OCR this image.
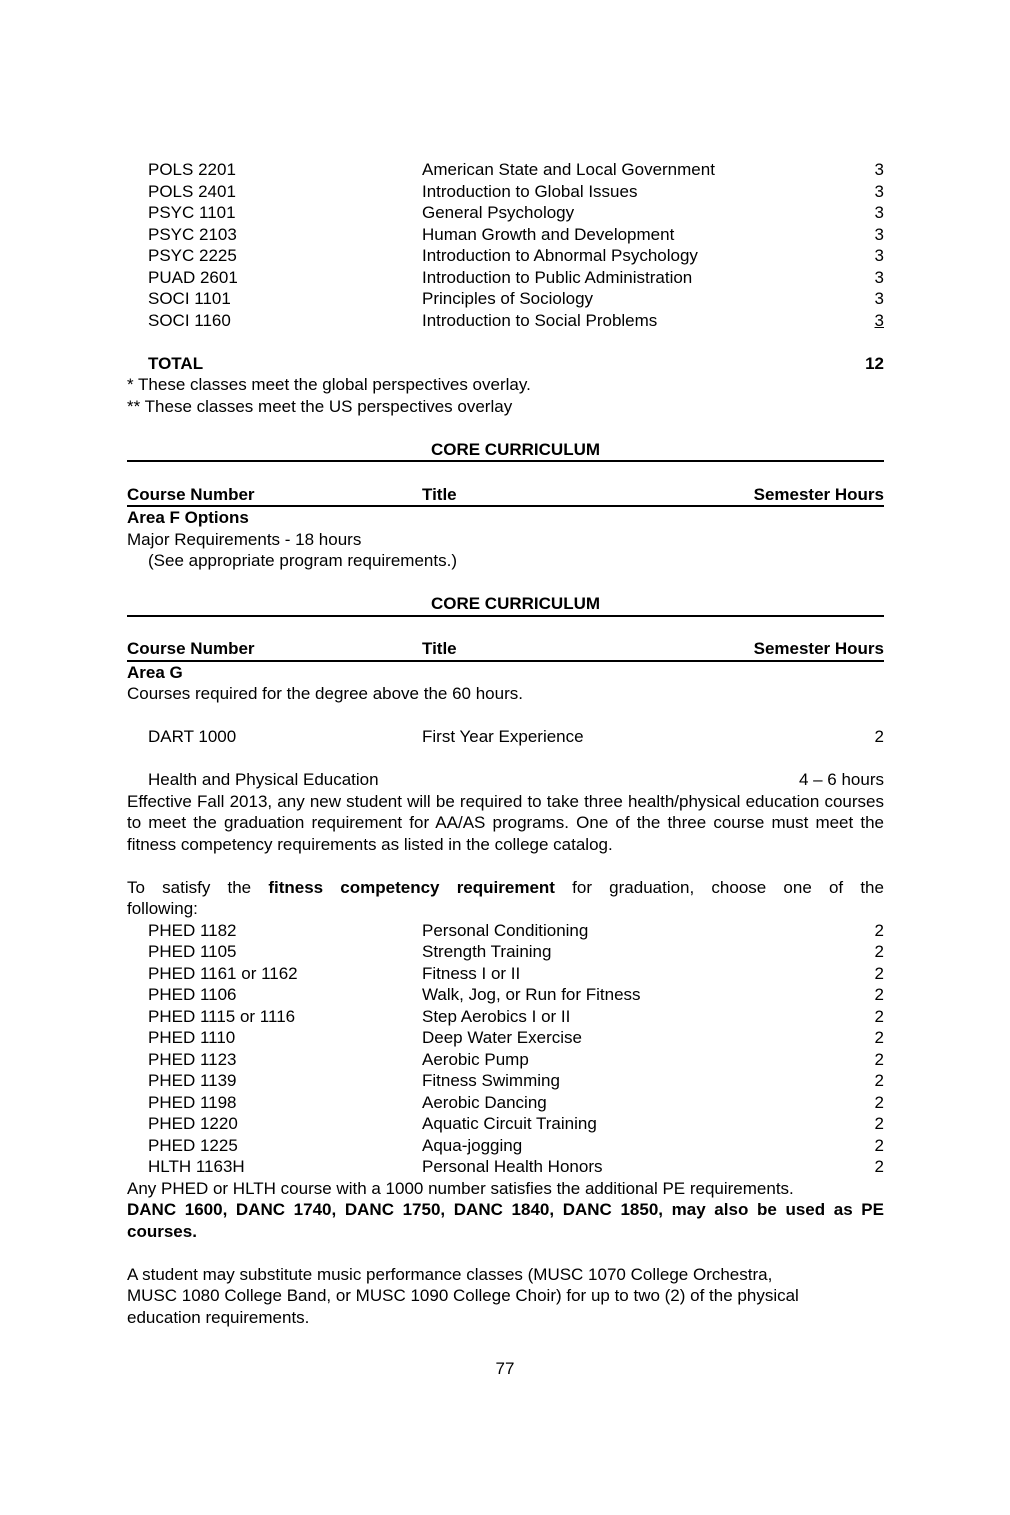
POLS 2201	American State and Local Government	3
POLS 2401	Introduction to Global Issues	3
PSYC 1101	General Psychology	3
PSYC 2103	Human Growth and Development	3
PSYC 2225	Introduction to Abnormal Psychology	3
PUAD 2601	Introduction to Public Administration	3
SOCI 1101	Principles of Sociology	3
SOCI 1160	Introduction to Social Problems	3
TOTAL	12
* These classes meet the global perspectives overlay.
** These classes meet the US perspectives overlay
CORE CURRICULUM
Course Number	Title	Semester Hours
Area F Options
Major Requirements - 18 hours
(See appropriate program requirements.)
CORE CURRICULUM
Course Number	Title	Semester Hours
Area G
Courses required for the degree above the 60 hours.
DART 1000	First Year Experience	2
Health and Physical Education	4 – 6 hours
Effective Fall 2013, any new student will be required to take three health/physical education courses to meet the graduation requirement for AA/AS programs. One of the three course must meet the fitness competency requirements as listed in the college catalog.
To satisfy the fitness competency requirement for graduation, choose one of the
following:
PHED 1182	Personal Conditioning	2
PHED 1105	Strength Training	2
PHED 1161 or 1162	Fitness I or II	2
PHED 1106	Walk, Jog, or Run for Fitness	2
PHED 1115 or 1116	Step Aerobics I or II	2
PHED 1110	Deep Water Exercise	2
PHED 1123	Aerobic Pump	2
PHED 1139	Fitness Swimming	2
PHED 1198	Aerobic Dancing	2
PHED 1220	Aquatic Circuit Training	2
PHED 1225	Aqua-jogging	2
HLTH 1163H	Personal Health Honors	2
Any PHED or HLTH course with a 1000 number satisfies the additional PE requirements.
DANC 1600, DANC 1740, DANC 1750, DANC 1840, DANC 1850, may also be used as PE courses.
A student may substitute music performance classes (MUSC 1070 College Orchestra,
MUSC 1080 College Band, or MUSC 1090 College Choir) for up to two (2) of the physical
education requirements.
77
